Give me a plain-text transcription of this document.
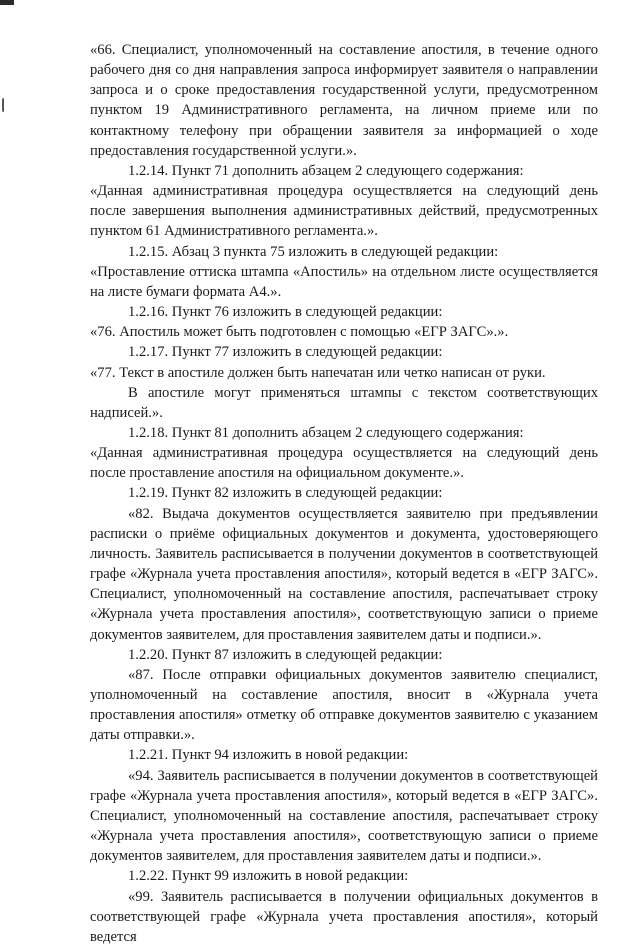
«66. Специалист, уполномоченный на составление апостиля, в течение одного рабочего дня со дня направления запроса информирует заявителя о направлении запроса и о сроке предоставления государственной услуги, предусмотренном пунктом 19 Административного регламента, на личном приеме или по контактному телефону при обращении заявителя за информацией о ходе предоставления государственной услуги.».

1.2.14. Пункт 71 дополнить абзацем 2 следующего содержания:

«Данная административная процедура осуществляется на следующий день после завершения выполнения административных действий, предусмотренных пунктом 61 Административного регламента.».

1.2.15. Абзац 3 пункта 75 изложить в следующей редакции:

«Проставление оттиска штампа «Апостиль» на отдельном листе осуществляется на листе бумаги формата А4.».

1.2.16. Пункт 76 изложить в следующей редакции:

«76. Апостиль может быть подготовлен с помощью «ЕГР ЗАГС».».

1.2.17. Пункт 77 изложить в следующей редакции:

«77. Текст в апостиле должен быть напечатан или четко написан от руки.

В апостиле могут применяться штампы с текстом соответствующих надписей.».

1.2.18. Пункт 81 дополнить абзацем 2 следующего содержания:

«Данная административная процедура осуществляется на следующий день после проставление апостиля на официальном документе.».

1.2.19. Пункт 82 изложить в следующей редакции:

«82. Выдача документов осуществляется заявителю при предъявлении расписки о приёме официальных документов и документа, удостоверяющего личность. Заявитель расписывается в получении документов в соответствующей графе «Журнала учета проставления апостиля», который ведется в «ЕГР ЗАГС». Специалист, уполномоченный на составление апостиля, распечатывает строку «Журнала учета проставления апостиля», соответствующую записи о приеме документов заявителем, для проставления заявителем даты и подписи.».

1.2.20. Пункт 87 изложить в следующей редакции:

«87. После отправки официальных документов заявителю специалист, уполномоченный на составление апостиля, вносит в «Журнала учета проставления апостиля» отметку об отправке документов заявителю с указанием даты отправки.».

1.2.21. Пункт 94 изложить в новой редакции:

«94. Заявитель расписывается в получении документов в соответствующей графе «Журнала учета проставления апостиля», который ведется в «ЕГР ЗАГС». Специалист, уполномоченный на составление апостиля, распечатывает строку «Журнала учета проставления апостиля», соответствующую записи о приеме документов заявителем, для проставления заявителем даты и подписи.».

1.2.22. Пункт 99 изложить в новой редакции:

«99. Заявитель расписывается в получении официальных документов в соответствующей графе «Журнала учета проставления апостиля», который ведется
